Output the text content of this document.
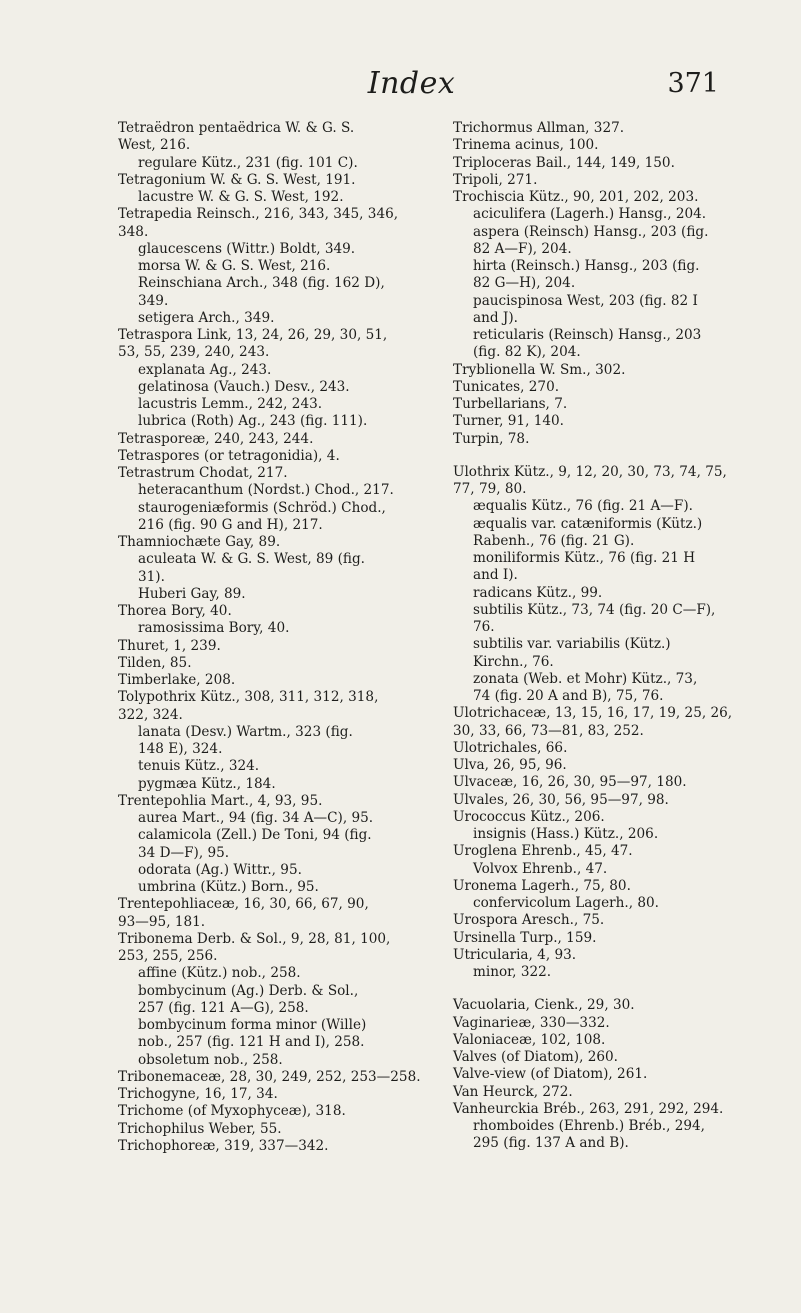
Index	371

Tetraëdron pentaëdrica W. & G. S.
West, 216.

regulare Kütz., 231 (fig. 101 C).

Tetragonium W. & G. S. West, 191.

lacustre W. & G. S. West, 192.

Tetrapedia Reinsch., 216, 343, 345, 346,
348.

glaucescens (Wittr.) Boldt, 349.

morsa W. & G. S. West, 216.

Reinschiana Arch., 348 (fig. 162 D),
349.

setigera Arch., 349.

Tetraspora Link, 13, 24, 26, 29, 30, 51,
53, 55, 239, 240, 243.

explanata Ag., 243.

gelatinosa (Vauch.) Desv., 243.

lacustris Lemm., 242, 243.

lubrica (Roth) Ag., 243 (fig. 111).

Tetrasporeæ, 240, 243, 244.

Tetraspores (or tetragonidia), 4.

Tetrastrum Chodat, 217.

heteracanthum (Nordst.) Chod., 217.

staurogeniæformis (Schröd.) Chod.,
216 (fig. 90 G and H), 217.

Thamniochæte Gay, 89.

aculeata W. & G. S. West, 89 (fig.
31).

Huberi Gay, 89.

Thorea Bory, 40.

ramosissima Bory, 40.

Thuret, 1, 239.

Tilden, 85.

Timberlake, 208.

Tolypothrix Kütz., 308, 311, 312, 318,
322, 324.

lanata (Desv.) Wartm., 323 (fig.
148 E), 324.

tenuis Kütz., 324.

pygmæa Kütz., 184.

Trentepohlia Mart., 4, 93, 95.

aurea Mart., 94 (fig. 34 A—C), 95.

calamicola (Zell.) De Toni, 94 (fig.
34 D—F), 95.

odorata (Ag.) Wittr., 95.

umbrina (Kütz.) Born., 95.

Trentepohliaceæ, 16, 30, 66, 67, 90,
93—95, 181.

Tribonema Derb. & Sol., 9, 28, 81, 100,
253, 255, 256.

affine (Kütz.) nob., 258.

bombycinum (Ag.) Derb. & Sol.,
257 (fig. 121 A—G), 258.

bombycinum forma minor (Wille)
nob., 257 (fig. 121 H and I), 258.

obsoletum nob., 258.

Tribonemaceæ, 28, 30, 249, 252, 253—258.

Trichogyne, 16, 17, 34.

Trichome (of Myxophyceæ), 318.

Trichophilus Weber, 55.

Trichophoreæ, 319, 337—342.

Trichormus Allman, 327.

Trinema acinus, 100.

Triploceras Bail., 144, 149, 150.

Tripoli, 271.

Trochiscia Kütz., 90, 201, 202, 203.

aciculifera (Lagerh.) Hansg., 204.

aspera (Reinsch) Hansg., 203 (fig.
82 A—F), 204.

hirta (Reinsch.) Hansg., 203 (fig.
82 G—H), 204.

paucispinosa West, 203 (fig. 82 I
and J).

reticularis (Reinsch) Hansg., 203
(fig. 82 K), 204.

Tryblionella W. Sm., 302.

Tunicates, 270.

Turbellarians, 7.

Turner, 91, 140.

Turpin, 78.

Ulothrix Kütz., 9, 12, 20, 30, 73, 74, 75,
77, 79, 80.

æqualis Kütz., 76 (fig. 21 A—F).

æqualis var. catæniformis (Kütz.)
Rabenh., 76 (fig. 21 G).

moniliformis Kütz., 76 (fig. 21 H
and I).

radicans Kütz., 99.

subtilis Kütz., 73, 74 (fig. 20 C—F),
76.

subtilis var. variabilis (Kütz.)
Kirchn., 76.

zonata (Web. et Mohr) Kütz., 73,
74 (fig. 20 A and B), 75, 76.

Ulotrichaceæ, 13, 15, 16, 17, 19, 25, 26,
30, 33, 66, 73—81, 83, 252.

Ulotrichales, 66.

Ulva, 26, 95, 96.

Ulvaceæ, 16, 26, 30, 95—97, 180.

Ulvales, 26, 30, 56, 95—97, 98.

Urococcus Kütz., 206.

insignis (Hass.) Kütz., 206.

Uroglena Ehrenb., 45, 47.

Volvox Ehrenb., 47.

Uronema Lagerh., 75, 80.

confervicolum Lagerh., 80.

Urospora Aresch., 75.

Ursinella Turp., 159.

Utricularia, 4, 93.

minor, 322.

Vacuolaria, Cienk., 29, 30.

Vaginarieæ, 330—332.

Valoniaceæ, 102, 108.

Valves (of Diatom), 260.

Valve-view (of Diatom), 261.

Van Heurck, 272.

Vanheurckia Bréb., 263, 291, 292, 294.

rhomboides (Ehrenb.) Bréb., 294,
295 (fig. 137 A and B).
